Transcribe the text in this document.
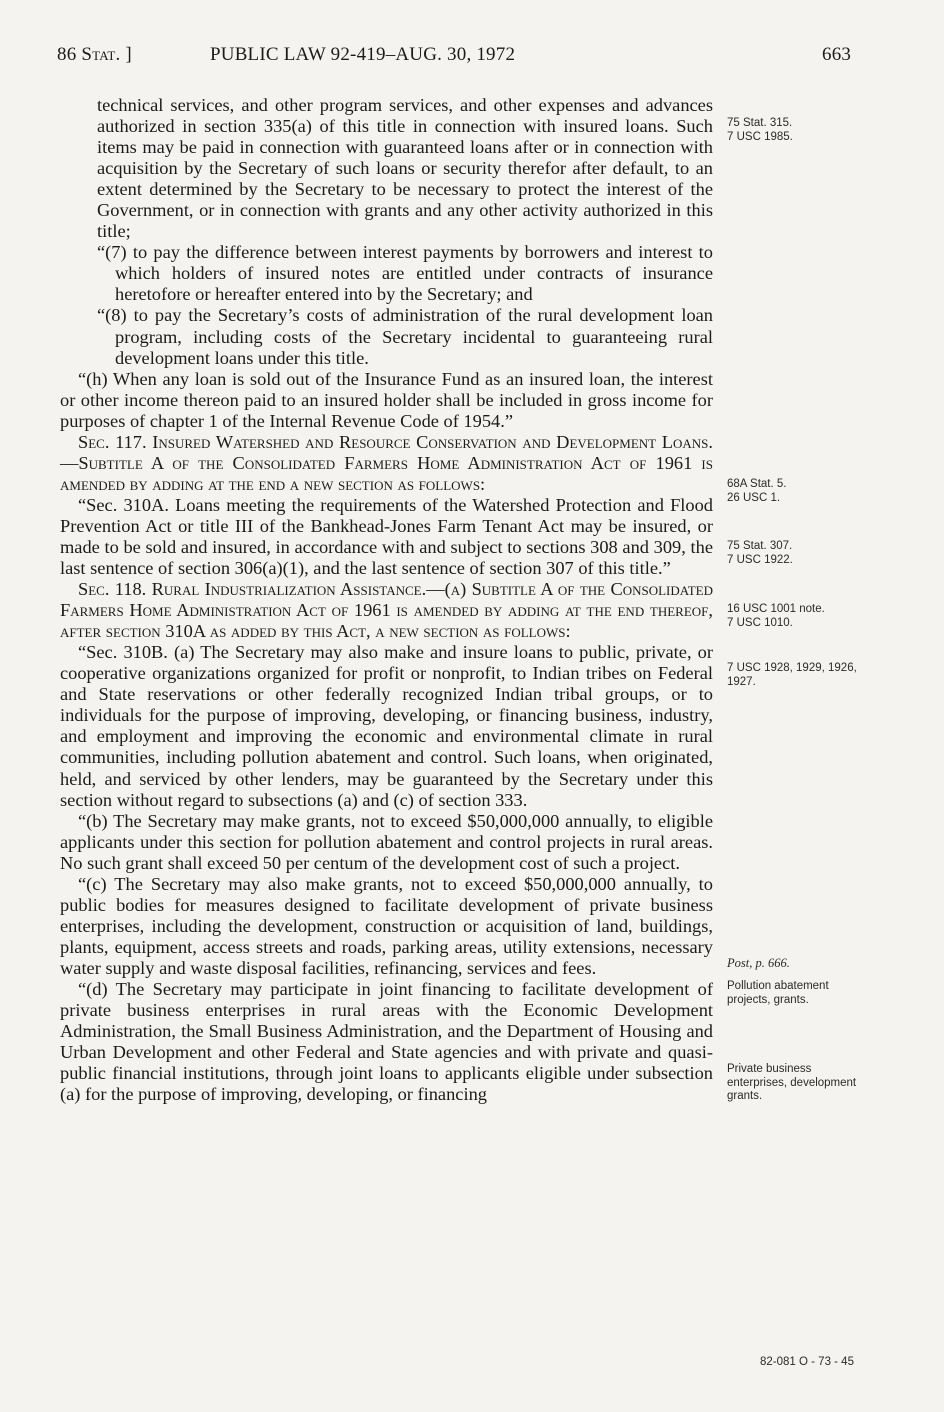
86 Stat. ]	PUBLIC LAW 92-419–AUG. 30, 1972	663

technical services, and other program services, and other expenses and advances authorized in section 335(a) of this title in connection with insured loans. Such items may be paid in connection with guaranteed loans after or in connection with acquisition by the Secretary of such loans or security therefor after default, to an extent determined by the Secretary to be necessary to protect the interest of the Government, or in connection with grants and any other activity authorized in this title;

“(7) to pay the difference between interest payments by borrowers and interest to which holders of insured notes are entitled under contracts of insurance heretofore or hereafter entered into by the Secretary; and

“(8) to pay the Secretary’s costs of administration of the rural development loan program, including costs of the Secretary incidental to guaranteeing rural development loans under this title.

“(h) When any loan is sold out of the Insurance Fund as an insured loan, the interest or other income thereon paid to an insured holder shall be included in gross income for purposes of chapter 1 of the Internal Revenue Code of 1954.”

Sec. 117. Insured Watershed and Resource Conservation and Development Loans.—Subtitle A of the Consolidated Farmers Home Administration Act of 1961 is amended by adding at the end a new section as follows:

“Sec. 310A. Loans meeting the requirements of the Watershed Protection and Flood Prevention Act or title III of the Bankhead-Jones Farm Tenant Act may be insured, or made to be sold and insured, in accordance with and subject to sections 308 and 309, the last sentence of section 306(a)(1), and the last sentence of section 307 of this title.”

Sec. 118. Rural Industrialization Assistance.—(a) Subtitle A of the Consolidated Farmers Home Administration Act of 1961 is amended by adding at the end thereof, after section 310A as added by this Act, a new section as follows:

“Sec. 310B. (a) The Secretary may also make and insure loans to public, private, or cooperative organizations organized for profit or nonprofit, to Indian tribes on Federal and State reservations or other federally recognized Indian tribal groups, or to individuals for the purpose of improving, developing, or financing business, industry, and employment and improving the economic and environmental climate in rural communities, including pollution abatement and control. Such loans, when originated, held, and serviced by other lenders, may be guaranteed by the Secretary under this section without regard to subsections (a) and (c) of section 333.

“(b) The Secretary may make grants, not to exceed $50,000,000 annually, to eligible applicants under this section for pollution abatement and control projects in rural areas. No such grant shall exceed 50 per centum of the development cost of such a project.

“(c) The Secretary may also make grants, not to exceed $50,000,000 annually, to public bodies for measures designed to facilitate development of private business enterprises, including the development, construction or acquisition of land, buildings, plants, equipment, access streets and roads, parking areas, utility extensions, necessary water supply and waste disposal facilities, refinancing, services and fees.

“(d) The Secretary may participate in joint financing to facilitate development of private business enterprises in rural areas with the Economic Development Administration, the Small Business Administration, and the Department of Housing and Urban Development and other Federal and State agencies and with private and quasi-public financial institutions, through joint loans to applicants eligible under subsection (a) for the purpose of improving, developing, or financing

75 Stat. 315.
7 USC 1985.
68A Stat. 5.
26 USC 1.
75 Stat. 307.
7 USC 1922.
16 USC 1001 note.
7 USC 1010.
7 USC 1928, 1929, 1926, 1927.
Post, p. 666.
Pollution abatement projects, grants.
Private business enterprises, development grants.
82-081 O - 73 - 45
